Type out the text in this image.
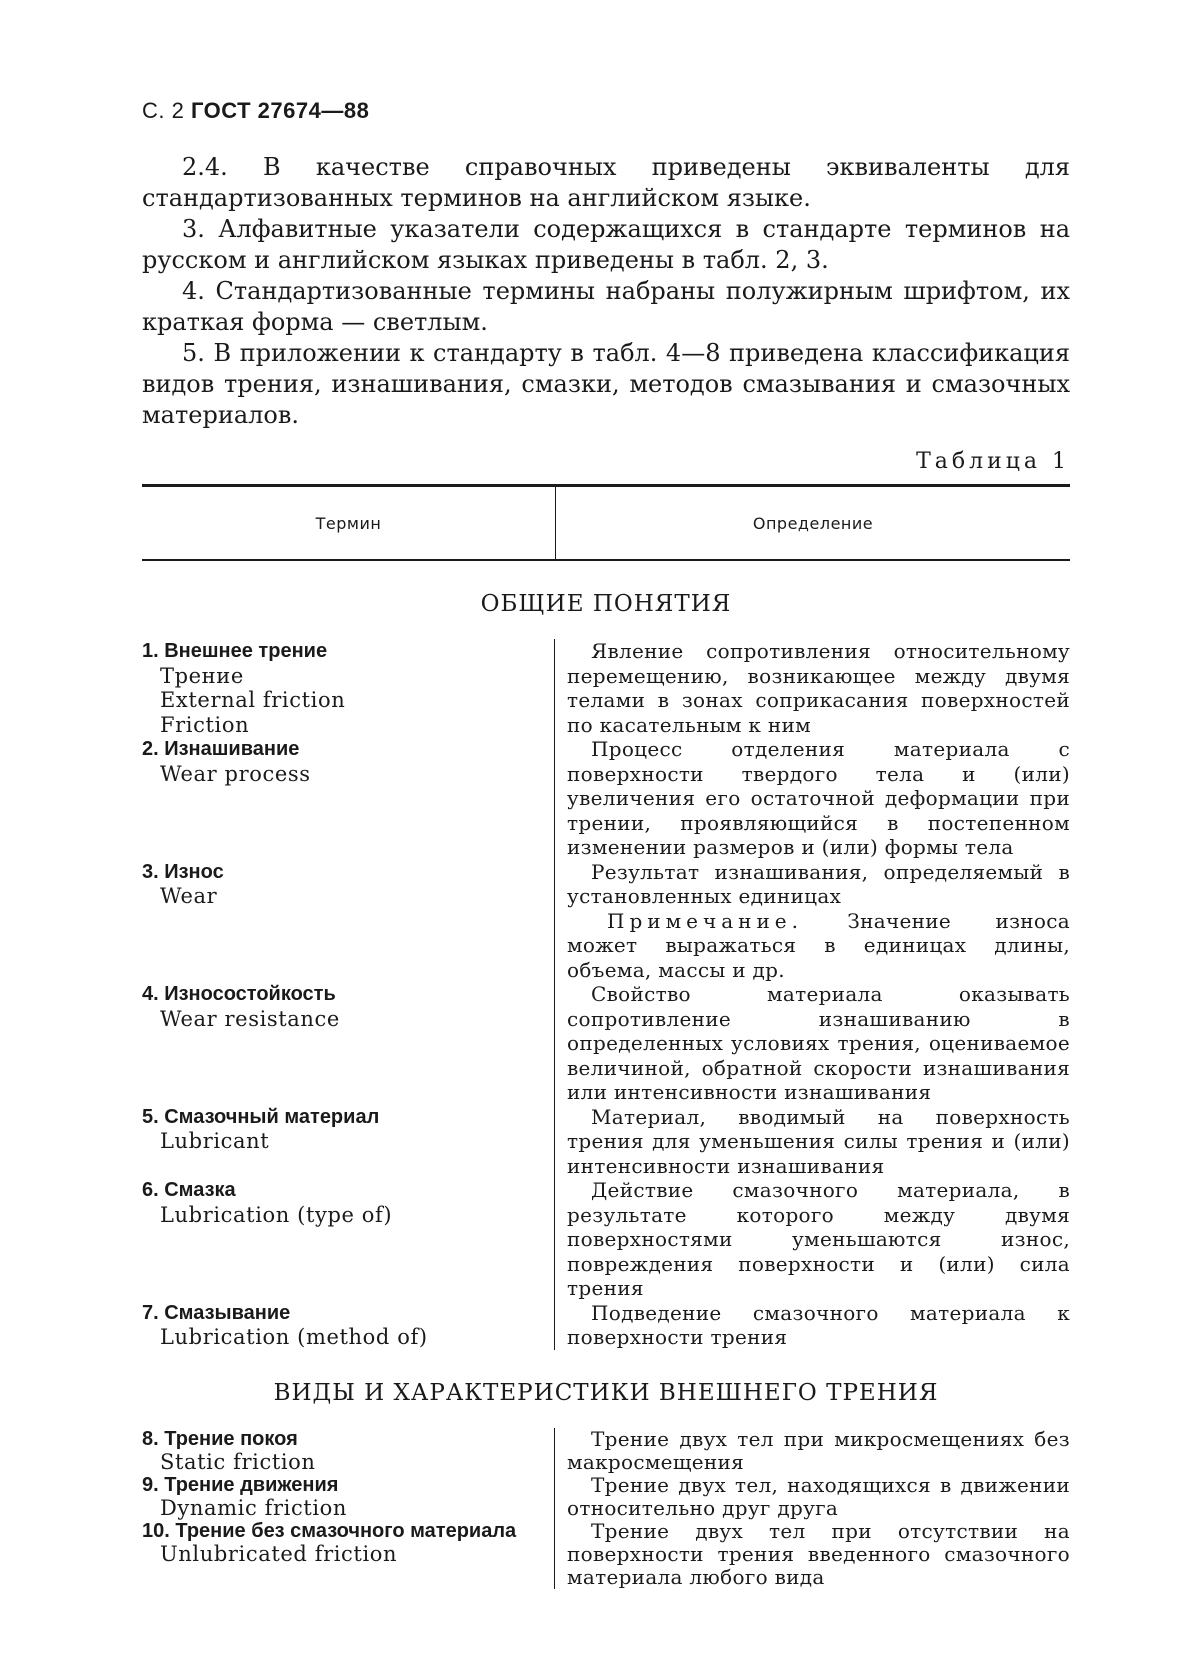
С. 2 ГОСТ 27674—88

2.4. В качестве справочных приведены эквиваленты для стандартизованных терминов на английском языке.

3. Алфавитные указатели содержащихся в стандарте терминов на русском и английском языках приведены в табл. 2, 3.

4. Стандартизованные термины набраны полужирным шрифтом, их краткая форма — светлым.

5. В приложении к стандарту в табл. 4—8 приведена классификация видов трения, изнашивания, смазки, методов смазывания и смазочных материалов.

Таблица 1
Термин	Определение
ОБЩИЕ ПОНЯТИЯ
1. Внешнее трение
Трение
External friction
Friction
Явление сопротивления относительному перемещению, возникающее между двумя телами в зонах соприкасания поверхностей по касательным к ним
2. Изнашивание
Wear process
Процесс отделения материала с поверхности твердого тела и (или) увеличения его остаточной деформации при трении, проявляющийся в постепенном изменении размеров и (или) формы тела
3. Износ
Wear
Результат изнашивания, определяемый в установленных единицах
Примечание. Значение износа может выражаться в единицах длины, объема, массы и др.
4. Износостойкость
Wear resistance
Свойство материала оказывать сопротивление изнашиванию в определенных условиях трения, оцениваемое величиной, обратной скорости изнашивания или интенсивности изнашивания
5. Смазочный материал
Lubricant
Материал, вводимый на поверхность трения для уменьшения силы трения и (или) интенсивности изнашивания
6. Смазка
Lubrication (type of)
Действие смазочного материала, в результате которого между двумя поверхностями уменьшаются износ, повреждения поверхности и (или) сила трения
7. Смазывание
Lubrication (method of)
Подведение смазочного материала к поверхности трения
ВИДЫ И ХАРАКТЕРИСТИКИ ВНЕШНЕГО ТРЕНИЯ
8. Трение покоя
Static friction
Трение двух тел при микросмещениях без макросмещения
9. Трение движения
Dynamic friction
Трение двух тел, находящихся в движении относительно друг друга
10. Трение без смазочного материала
Unlubricated friction
Трение двух тел при отсутствии на поверхности трения введенного смазочного материала любого вида
